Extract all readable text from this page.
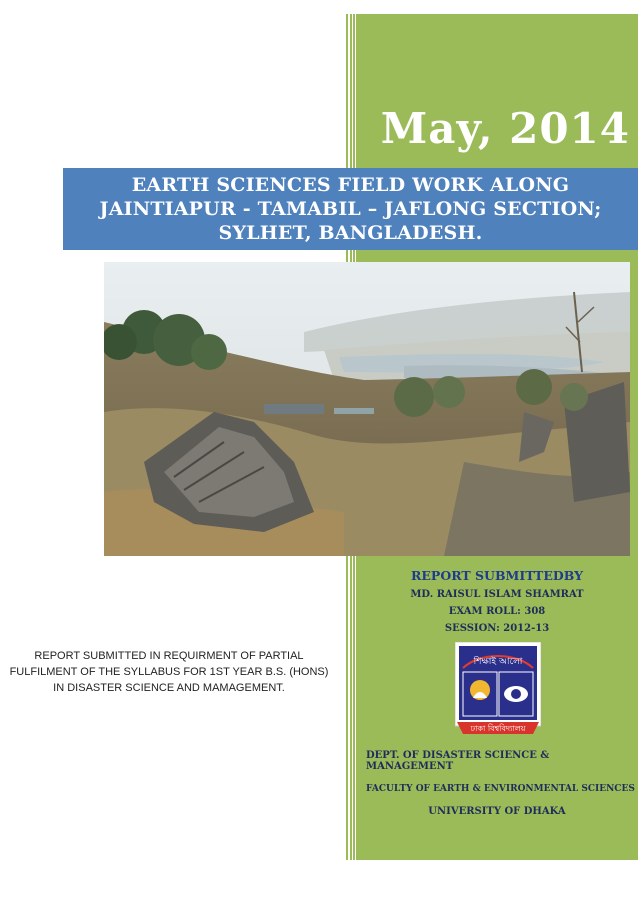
May, 2014
EARTH SCIENCES FIELD WORK ALONG
JAINTIAPUR - TAMABIL – JAFLONG SECTION;
SYLHET, BANGLADESH.

REPORT SUBMITTEDBY

MD. RAISUL ISLAM SHAMRAT

EXAM ROLL: 308

SESSION: 2012-13

ঢাকা বিশ্ববিদ্যালয়
শিক্ষাই আলো

DEPT. OF DISASTER SCIENCE & MANAGEMENT

FACULTY OF EARTH & ENVIRONMENTAL SCIENCES

UNIVERSITY OF DHAKA

REPORT SUBMITTED IN REQUIRMENT OF PARTIAL
FULFILMENT OF THE SYLLABUS FOR 1ST YEAR B.S. (HONS)
IN DISASTER SCIENCE AND MAMAGEMENT.
